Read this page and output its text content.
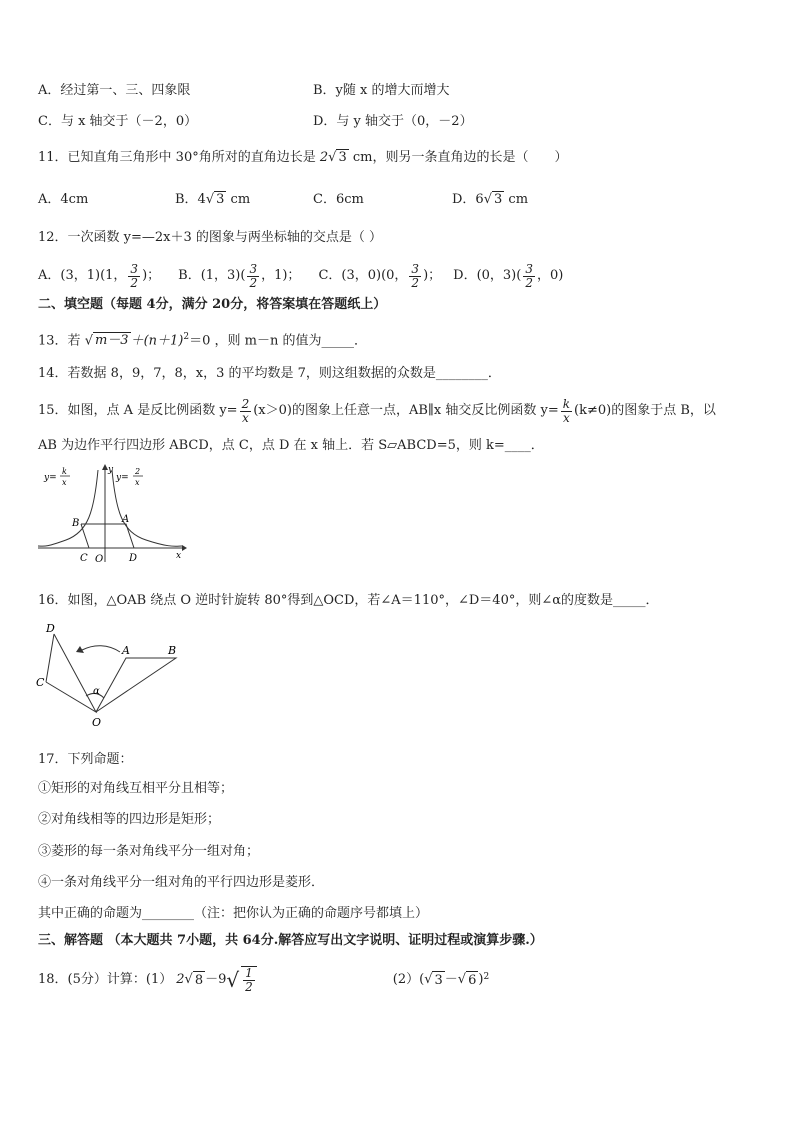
A．经过第一、三、四象限	B．y随 x 的增大而增大
C．与 x 轴交于（－2，0）	D．与 y 轴交于（0，－2）
11．已知直角三角形中 30°角所对的直角边长是 2√ 3 cm，则另一条直角边的长是（　　）
A．4cm	B．4√ 3 cm	C．6cm	D．6√ 3 cm
12．一次函数 y=—2x＋3 的图象与两坐标轴的交点是（ ）
A．(3，1)(1， $\frac{3}{2}$ )； B．(1，$3)( \frac{3}{2}$ ，1)； C．(3，0)(0， $\frac{3}{2}$ )； D．(0，$3)( \frac{3}{2}$ ，0)
二、填空题（每题 4分，满分 20分，将答案填在答题纸上）
13．若 √ $m-3 +(n+1)^2=0$ ，则 m－n 的值为_____．
14．若数据 8，9，7，8，x，3 的平均数是 7，则这组数据的众数是________．
15．如图，点 A 是反比例函数 $y= \frac{2}{x} (x>0)$的图象上任意一点，AB∥x 轴交反比例函数 $y= \frac{k}{x} (k\ne 0)$的图象于点 B，以
AB 为边作平行四边形 ABCD，点 C，点 D 在 x 轴上．若 S▱ABCD=5，则 k=____．
y=
k
x	y=
2
x
y
x
B	A
C O	D
16．如图，△OAB 绕点 O 逆时针旋转 80°得到△OCD，若∠A＝110°，∠D＝40°，则∠α的度数是_____．
D
A	B
C
α
O
17．下列命题：
①矩形的对角线互相平分且相等；
②对角线相等的四边形是矩形；
③菱形的每一条对角线平分一组对角；
④一条对角线平分一组对角的平行四边形是菱形．
其中正确的命题为________（注：把你认为正确的命题序号都填上）
三、解答题 （本大题共 7小题，共 64分.解答应写出文字说明、证明过程或演算步骤.）
18．(5分）计算：(1） 2 √ 8 －9 √ $\frac{1}{2}$	(2）( √ 3 － √ 6 )$^2$
